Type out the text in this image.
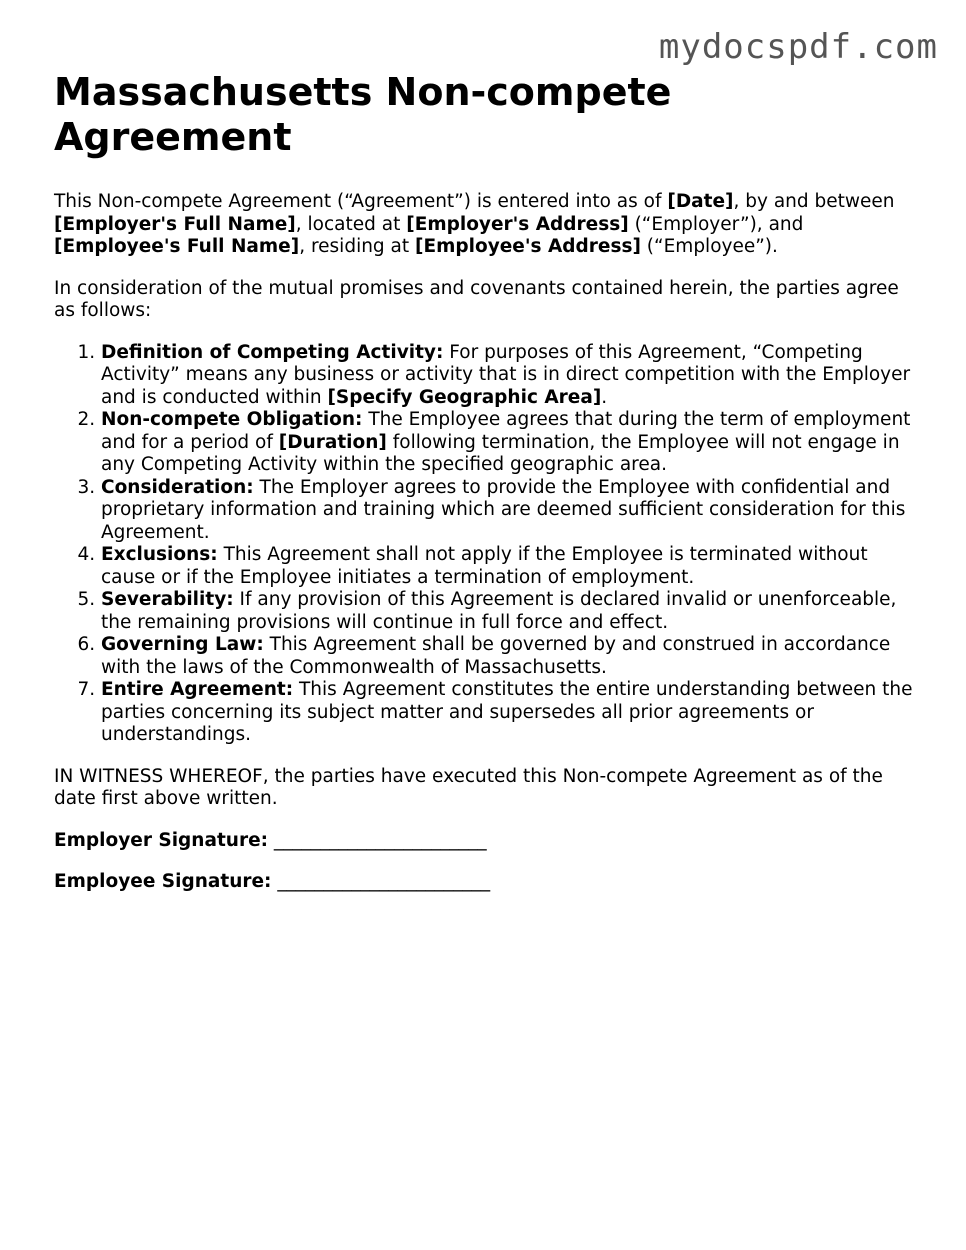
mydocspdf.com
Massachusetts Non-compete Agreement

This Non-compete Agreement (“Agreement”) is entered into as of [Date], by and between [Employer's Full Name], located at [Employer's Address] (“Employer”), and [Employee's Full Name], residing at [Employee's Address] (“Employee”).

In consideration of the mutual promises and covenants contained herein, the parties agree as follows:

1. Definition of Competing Activity: For purposes of this Agreement, “Competing Activity” means any business or activity that is in direct competition with the Employer and is conducted within [Specify Geographic Area].
2. Non-compete Obligation: The Employee agrees that during the term of employment and for a period of [Duration] following termination, the Employee will not engage in any Competing Activity within the specified geographic area.
3. Consideration: The Employer agrees to provide the Employee with confidential and proprietary information and training which are deemed sufficient consideration for this Agreement.
4. Exclusions: This Agreement shall not apply if the Employee is terminated without cause or if the Employee initiates a termination of employment.
5. Severability: If any provision of this Agreement is declared invalid or unenforceable, the remaining provisions will continue in full force and effect.
6. Governing Law: This Agreement shall be governed by and construed in accordance with the laws of the Commonwealth of Massachusetts.
7. Entire Agreement: This Agreement constitutes the entire understanding between the parties concerning its subject matter and supersedes all prior agreements or understandings.

IN WITNESS WHEREOF, the parties have executed this Non-compete Agreement as of the date first above written.

Employer Signature: _______________________

Employee Signature: _______________________
